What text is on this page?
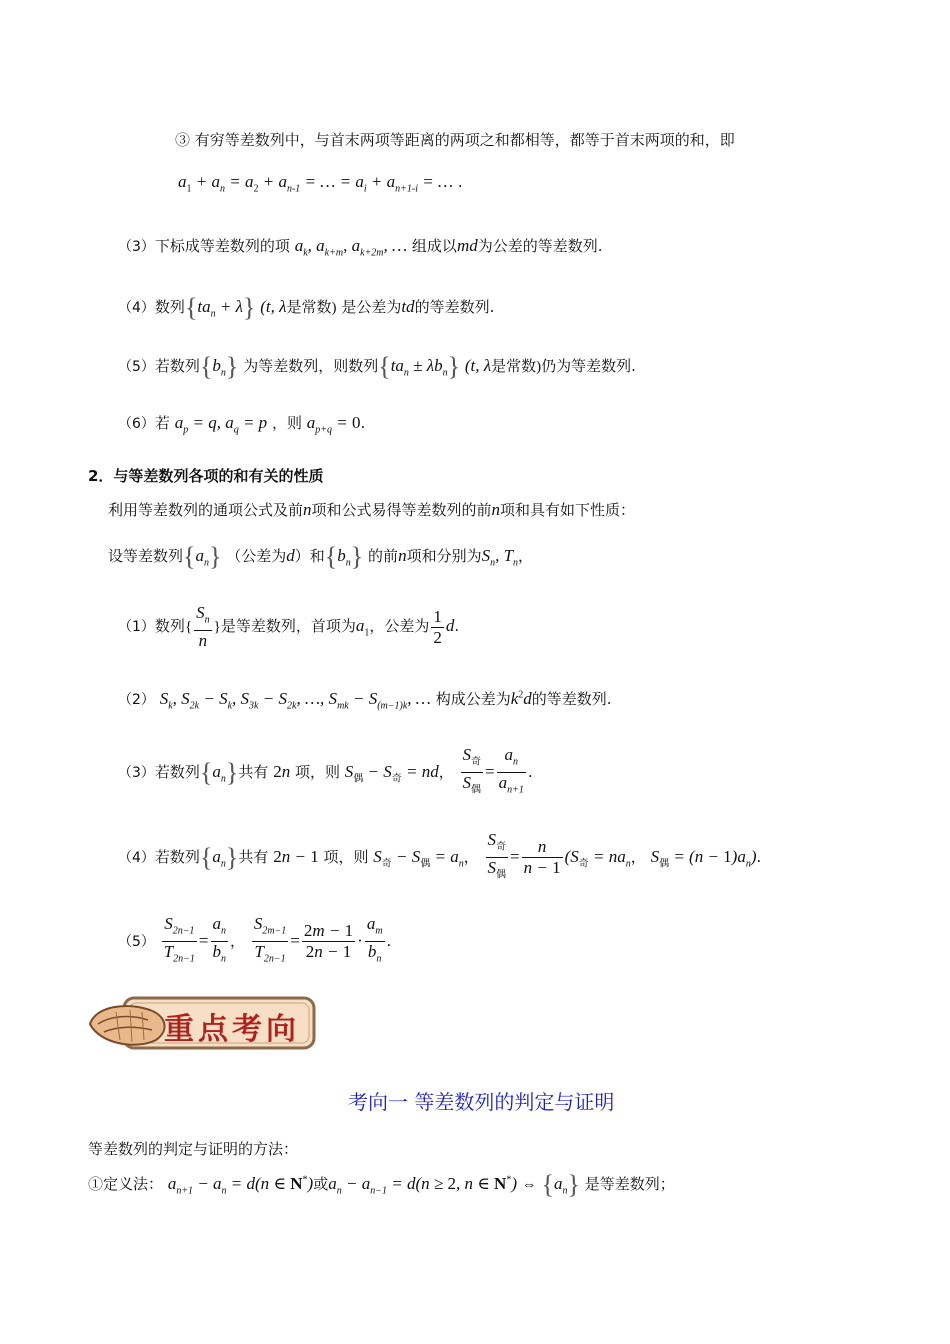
③ 有穷等差数列中，与首末两项等距离的两项之和都相等，都等于首末两项的和，即
$a_1 + a_n = a_2 + a_{n-1}$ = … = $a_i + a_{n+1-i}$ = … .
（3）下标成等差数列的项 $a_k$, $a_{k+m}$, $a_{k+2m}$, … 组成以md为公差的等差数列.
（4）数列$\{ta_n + \lambda\}$ (t, λ是常数) 是公差为td的等差数列.
（5）若数列$\{b_n\}$ 为等差数列，则数列$\{ta_n \pm \lambda b_n\}$ (t, λ是常数)仍为等差数列.
（6）若 $a_p = q$, $a_q = p$ ，则 $a_{p+q} = 0$.
2．与等差数列各项的和有关的性质
利用等差数列的通项公式及前n项和公式易得等差数列的前n项和具有如下性质：
设等差数列$\{a_n\}$ （公差为d）和$\{b_n\}$ 的前n项和分别为$S_n$, $T_n$，
（1）数列{ $\frac{S_n}{n}$ }是等差数列，首项为$a_1$，公差为 $\frac{1}{2} d$.
（2） $S_k$, $S_{2k} - S_k$, $S_{3k} - S_{2k}$, …, $S_{mk} - S_{(m-1)k}$, … 构成公差为$k^2d$的等差数列.
（3）若数列$\{a_n\}$共有 2n 项，则 $S_偶 - S_奇$ = nd， $\frac{S_奇}{S_偶} = \frac{a_n}{a_{n+1}}$ .
（4）若数列$\{a_n\}$共有 2n − 1 项，则 $S_奇 - S_偶 = a_n$， $\frac{S_奇}{S_偶} = \frac{n}{n - 1} (S_奇 = na_n$， $S_偶 = (n - 1)a_n$).
$(5) \frac{S_{2n-1}}{T_{2n-1}} = \frac{a_n}{b_n}$ ， $\frac{S_{2m-1}}{T_{2n-1}} = \frac{2m - 1}{2n - 1} \cdot \frac{a_m}{b_n}$ .
重点考向
考向一 等差数列的判定与证明
等差数列的判定与证明的方法：
①定义法： $a_{n+1} - a_n = d(n$ ∈ N*)或$a_n - a_{n-1} = d(n \ge 2$, n ∈ N*) ⇔ $\{a_n\}$ 是等差数列；
